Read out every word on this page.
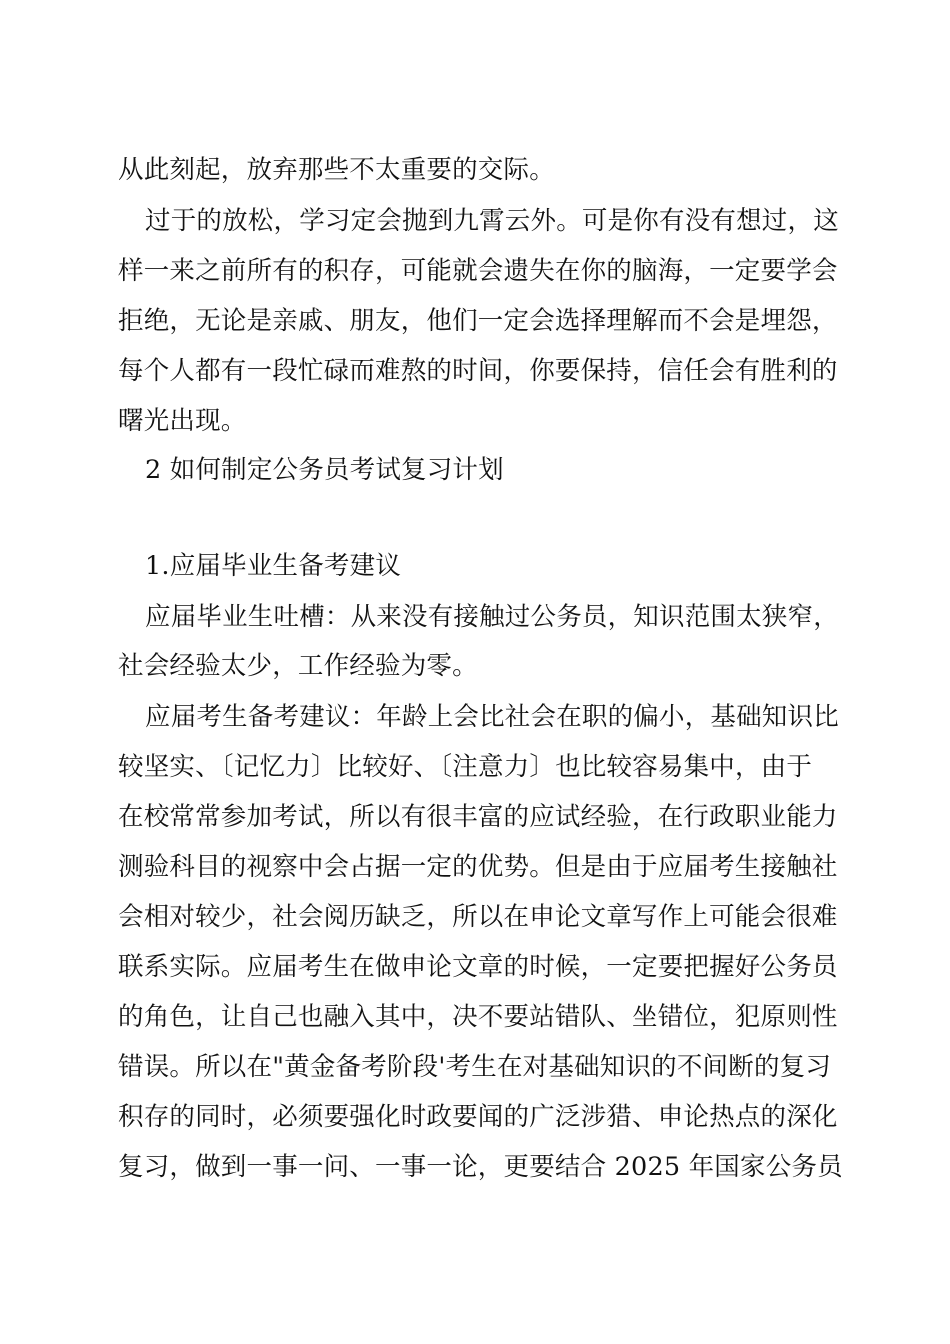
从此刻起，放弃那些不太重要的交际。
过于的放松，学习定会抛到九霄云外。可是你有没有想过，这
样一来之前所有的积存，可能就会遗失在你的脑海，一定要学会
拒绝，无论是亲戚、朋友，他们一定会选择理解而不会是埋怨，
每个人都有一段忙碌而难熬的时间，你要保持，信任会有胜利的
曙光出现。
2 如何制定公务员考试复习计划
1.应届毕业生备考建议
应届毕业生吐槽：从来没有接触过公务员，知识范围太狭窄，
社会经验太少，工作经验为零。
应届考生备考建议：年龄上会比社会在职的偏小，基础知识比
较坚实、〔记忆力〕比较好、〔注意力〕也比较容易集中，由于
在校常常参加考试，所以有很丰富的应试经验，在行政职业能力
测验科目的视察中会占据一定的优势。但是由于应届考生接触社
会相对较少，社会阅历缺乏，所以在申论文章写作上可能会很难
联系实际。应届考生在做申论文章的时候，一定要把握好公务员
的角色，让自己也融入其中，决不要站错队、坐错位，犯原则性
错误。所以在"黄金备考阶段'考生在对基础知识的不间断的复习
积存的同时，必须要强化时政要闻的广泛涉猎、申论热点的深化
复习，做到一事一问、一事一论，更要结合 2025 年国家公务员
